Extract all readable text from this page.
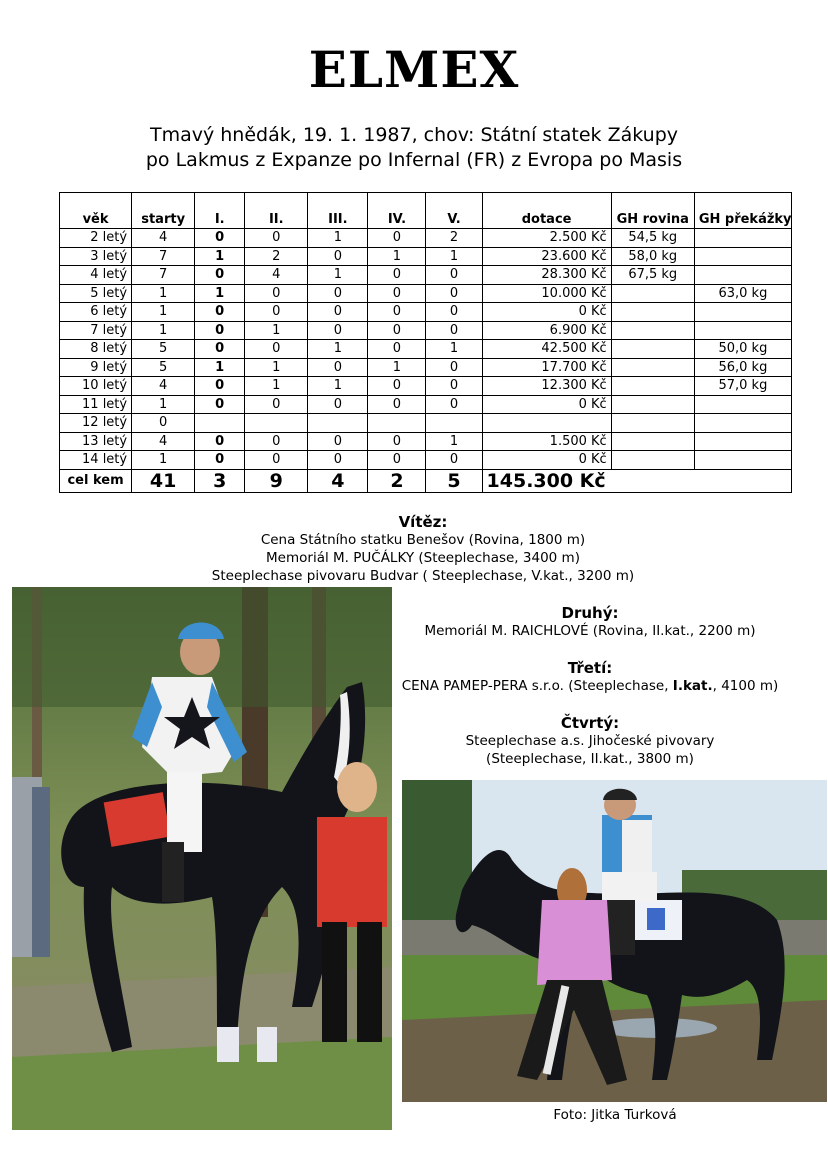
ELMEX
Tmavý hnědák, 19. 1. 1987, chov: Státní statek Zákupy
po Lakmus z Expanze po Infernal (FR) z Evropa po Masis
věk	starty	I.	II.	III.	IV.	V.	dotace	GH rovina	GH překážky
2 letý	4	0	0	1	0	2	2.500 Kč	54,5 kg	
3 letý	7	1	2	0	1	1	23.600 Kč	58,0 kg	
4 letý	7	0	4	1	0	0	28.300 Kč	67,5 kg	
5 letý	1	1	0	0	0	0	10.000 Kč		63,0 kg
6 letý	1	0	0	0	0	0	0 Kč		
7 letý	1	0	1	0	0	0	6.900 Kč		
8 letý	5	0	0	1	0	1	42.500 Kč		50,0 kg
9 letý	5	1	1	0	1	0	17.700 Kč		56,0 kg
10 letý	4	0	1	1	0	0	12.300 Kč		57,0 kg
11 letý	1	0	0	0	0	0	0 Kč		
12 letý	0								
13 letý	4	0	0	0	0	1	1.500 Kč		
14 letý	1	0	0	0	0	0	0 Kč		
cel kem	41	3	9	4	2	5	145.300 Kč		
Vítěz:
Cena Státního statku Benešov (Rovina, 1800 m)
Memoriál M. PUČÁLKY (Steeplechase, 3400 m)
Steeplechase pivovaru Budvar ( Steeplechase, V.kat., 3200 m)
Druhý:
Memoriál M. RAICHLOVÉ (Rovina, II.kat., 2200 m)
Třetí:
CENA PAMEP-PERA s.r.o. (Steeplechase, I.kat., 4100 m)
Čtvrtý:
Steeplechase a.s. Jihočeské pivovary
(Steeplechase, II.kat., 3800 m)
Foto: Jitka Turková
